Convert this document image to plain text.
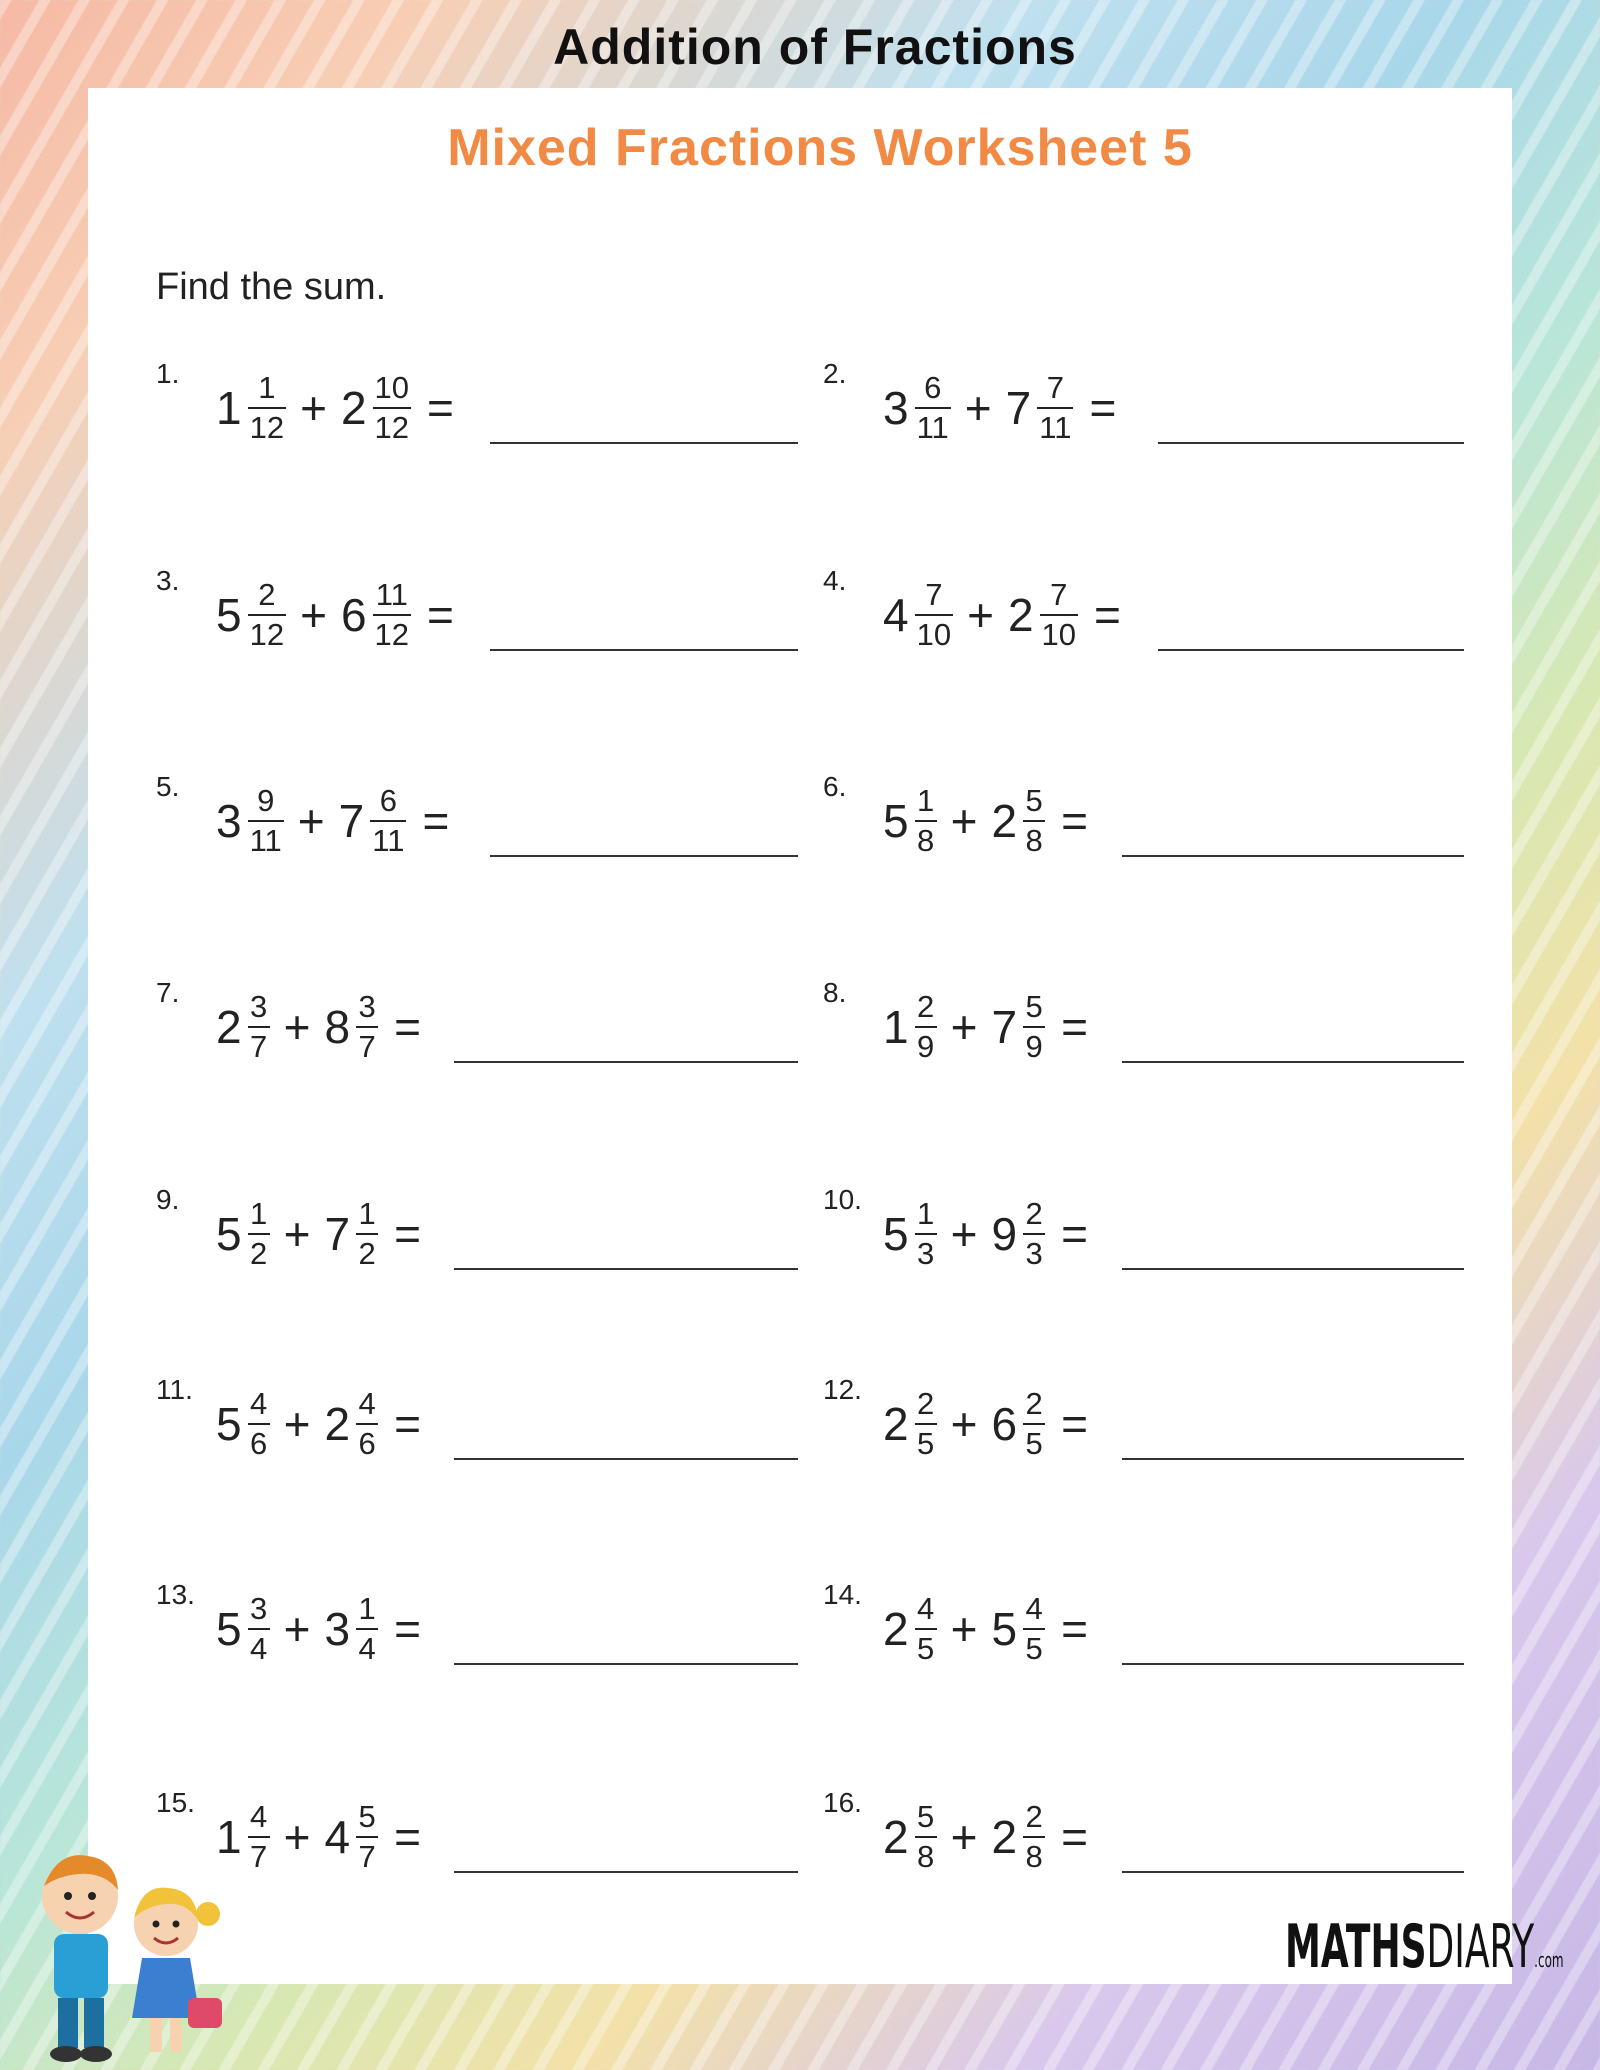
Addition of Fractions
Mixed Fractions Worksheet 5
Find the sum.
1.
$1 \frac{1}{12} + 2 \frac{10}{12}$ =
2.
$3 \frac{6}{11} + 7 \frac{7}{11}$ =
3.
$5 \frac{2}{12} + 6 \frac{11}{12}$ =
4.
$4 \frac{7}{10} + 2 \frac{7}{10}$ =
5.
$3 \frac{9}{11} + 7 \frac{6}{11}$ =
6.
$5 \frac{1}{8} + 2 \frac{5}{8}$ =
7.
$2 \frac{3}{7} + 8 \frac{3}{7}$ =
8.
$1 \frac{2}{9} + 7 \frac{5}{9}$ =
9.
$5 \frac{1}{2} + 7 \frac{1}{2}$ =
10.
$5 \frac{1}{3} + 9 \frac{2}{3}$ =
11.
$5 \frac{4}{6} + 2 \frac{4}{6}$ =
12.
$2 \frac{2}{5} + 6 \frac{2}{5}$ =
13.
$5 \frac{3}{4} + 3 \frac{1}{4}$ =
14.
$2 \frac{4}{5} + 5 \frac{4}{5}$ =
15.
$1 \frac{4}{7} + 4 \frac{5}{7}$ =
16.
$2 \frac{5}{8} + 2 \frac{2}{8}$ =
MATHSDIARY.com
